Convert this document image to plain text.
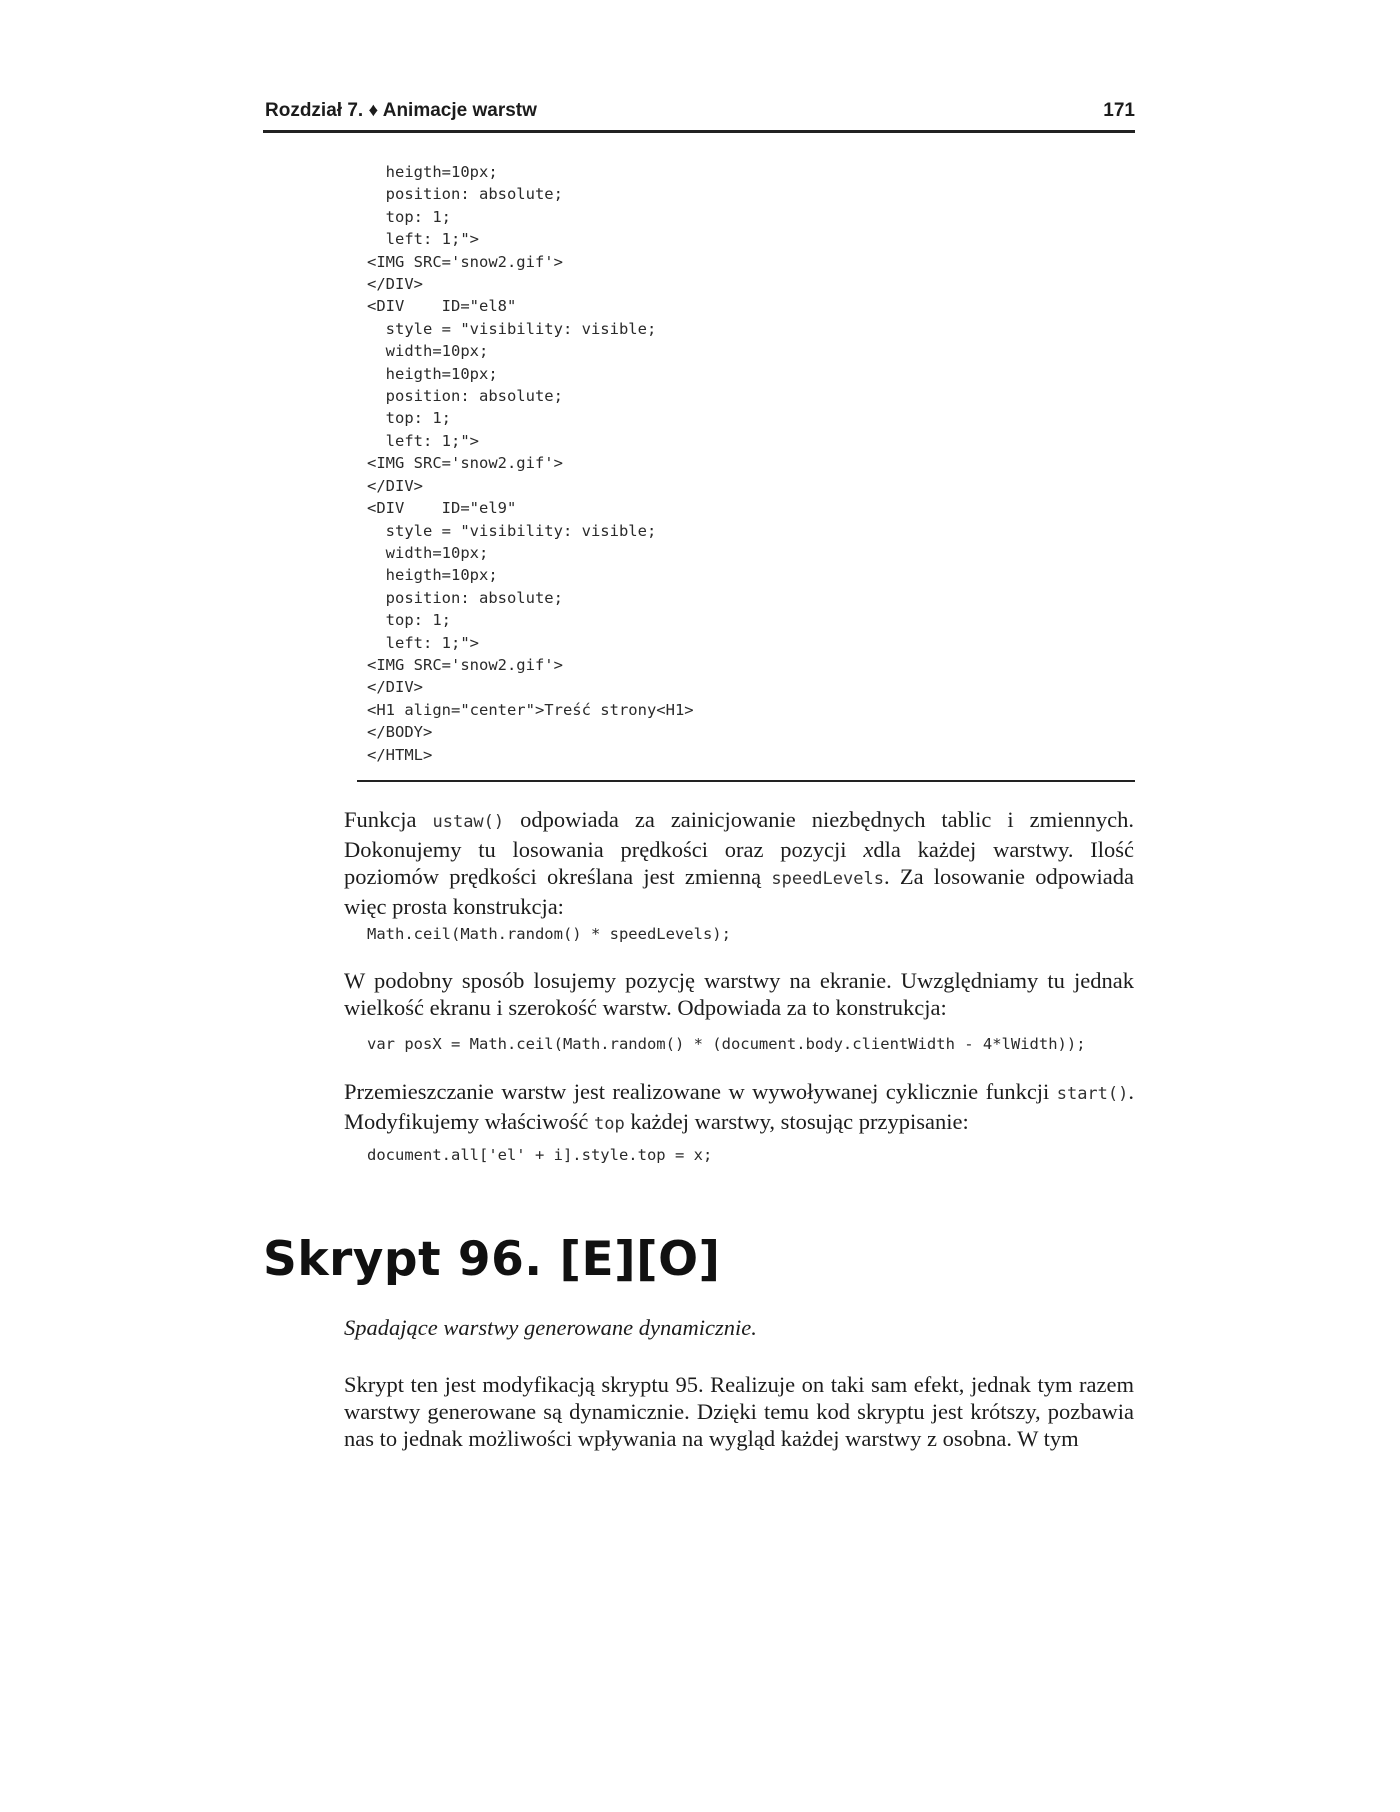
Rozdział 7. ♦ Animacje warstw	171
heigth=10px;
position: absolute;
top: 1;
left: 1;">
<IMG SRC='snow2.gif'>
</DIV>
<DIV    ID="el8"
style = "visibility: visible;
width=10px;
heigth=10px;
position: absolute;
top: 1;
left: 1;">
<IMG SRC='snow2.gif'>
</DIV>
<DIV    ID="el9"
style = "visibility: visible;
width=10px;
heigth=10px;
position: absolute;
top: 1;
left: 1;">
<IMG SRC='snow2.gif'>
</DIV>
<H1 align="center">Treść strony<H1>
</BODY>
</HTML>

Funkcja ustaw() odpowiada za zainicjowanie niezbędnych tablic i zmiennych. Dokonujemy tu losowania prędkości oraz pozycji xdla każdej warstwy. Ilość poziomów prędkości określana jest zmienną speedLevels. Za losowanie odpowiada więc prosta konstrukcja:

Math.ceil(Math.random() * speedLevels);

W podobny sposób losujemy pozycję warstwy na ekranie. Uwzględniamy tu jednak wielkość ekranu i szerokość warstw. Odpowiada za to konstrukcja:

var posX = Math.ceil(Math.random() * (document.body.clientWidth - 4*lWidth));

Przemieszczanie warstw jest realizowane w wywoływanej cyklicznie funkcji start(). Modyfikujemy właściwość top każdej warstwy, stosując przypisanie:

document.all['el' + i].style.top = x;
Skrypt 96. [E][O]

Spadające warstwy generowane dynamicznie.

Skrypt ten jest modyfikacją skryptu 95. Realizuje on taki sam efekt, jednak tym razem warstwy generowane są dynamicznie. Dzięki temu kod skryptu jest krótszy, pozbawia nas to jednak możliwości wpływania na wygląd każdej warstwy z osobna. W tym
